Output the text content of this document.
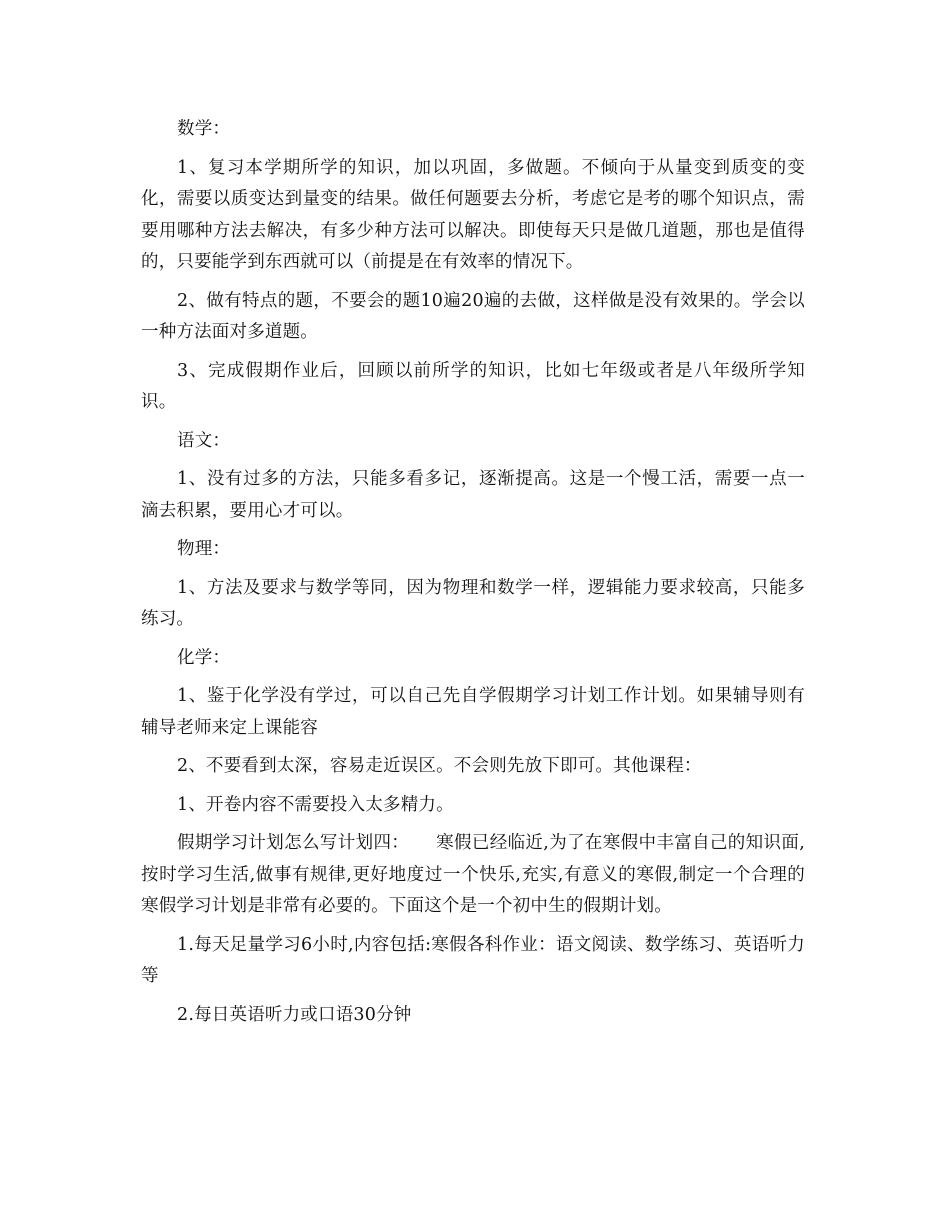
数学：

1、复习本学期所学的知识，加以巩固，多做题。不倾向于从量变到质变的变化，需要以质变达到量变的结果。做任何题要去分析，考虑它是考的哪个知识点，需要用哪种方法去解决，有多少种方法可以解决。即使每天只是做几道题，那也是值得的，只要能学到东西就可以（前提是在有效率的情况下。

2、做有特点的题，不要会的题10遍20遍的去做，这样做是没有效果的。学会以一种方法面对多道题。

3、完成假期作业后，回顾以前所学的知识，比如七年级或者是八年级所学知识。

语文：

1、没有过多的方法，只能多看多记，逐渐提高。这是一个慢工活，需要一点一滴去积累，要用心才可以。

物理：

1、方法及要求与数学等同，因为物理和数学一样，逻辑能力要求较高，只能多练习。

化学：

1、鉴于化学没有学过，可以自己先自学假期学习计划工作计划。如果辅导则有辅导老师来定上课能容

2、不要看到太深，容易走近误区。不会则先放下即可。其他课程：

1、开卷内容不需要投入太多精力。

假期学习计划怎么写计划四：　　寒假已经临近,为了在寒假中丰富自己的知识面,按时学习生活,做事有规律,更好地度过一个快乐,充实,有意义的寒假,制定一个合理的寒假学习计划是非常有必要的。下面这个是一个初中生的假期计划。

1.每天足量学习6小时,内容包括:寒假各科作业：语文阅读、数学练习、英语听力等

2.每日英语听力或口语30分钟
